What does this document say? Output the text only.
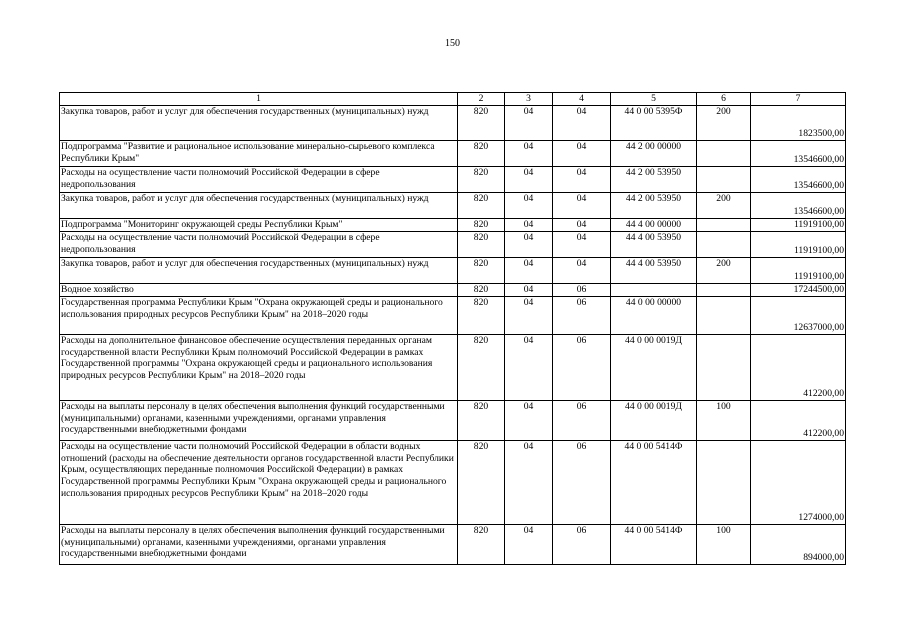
150
1	2	3	4	5	6	7
Закупка товаров, работ и услуг для обеспечения государственных (муниципальных) нужд	820	04	04	44 0 00 5395Ф	200	1823500,00
Подпрограмма "Развитие и рациональное использование минерально-сырьевого комплекса Республики Крым"	820	04	04	44 2 00 00000		13546600,00
Расходы на осуществление части полномочий Российской Федерации в сфере недропользования	820	04	04	44 2 00 53950		13546600,00
Закупка товаров, работ и услуг для обеспечения государственных (муниципальных) нужд	820	04	04	44 2 00 53950	200	13546600,00
Подпрограмма "Мониторинг окружающей среды Республики Крым"	820	04	04	44 4 00 00000		11919100,00
Расходы на осуществление части полномочий Российской Федерации в сфере недропользования	820	04	04	44 4 00 53950		11919100,00
Закупка товаров, работ и услуг для обеспечения государственных (муниципальных) нужд	820	04	04	44 4 00 53950	200	11919100,00
Водное хозяйство	820	04	06			17244500,00
Государственная программа Республики Крым "Охрана окружающей среды и рационального использования природных ресурсов Республики Крым" на 2018–2020 годы	820	04	06	44 0 00 00000		12637000,00
Расходы на дополнительное финансовое обеспечение осуществления переданных органам государственной власти Республики Крым полномочий Российской Федерации в рамках Государственной программы "Охрана окружающей среды и рационального использования природных ресурсов Республики Крым" на 2018–2020 годы	820	04	06	44 0 00 0019Д		412200,00
Расходы на выплаты персоналу в целях обеспечения выполнения функций государственными (муниципальными) органами, казенными учреждениями, органами управления государственными внебюджетными фондами	820	04	06	44 0 00 0019Д	100	412200,00
Расходы на осуществление части полномочий Российской Федерации в области водных отношений (расходы на обеспечение деятельности органов государственной власти Республики Крым, осуществляющих переданные полномочия Российской Федерации) в рамках Государственной программы Республики Крым "Охрана окружающей среды и рационального использования природных ресурсов Республики Крым" на 2018–2020 годы	820	04	06	44 0 00 5414Ф		1274000,00
Расходы на выплаты персоналу в целях обеспечения выполнения функций государственными (муниципальными) органами, казенными учреждениями, органами управления государственными внебюджетными фондами	820	04	06	44 0 00 5414Ф	100	894000,00
